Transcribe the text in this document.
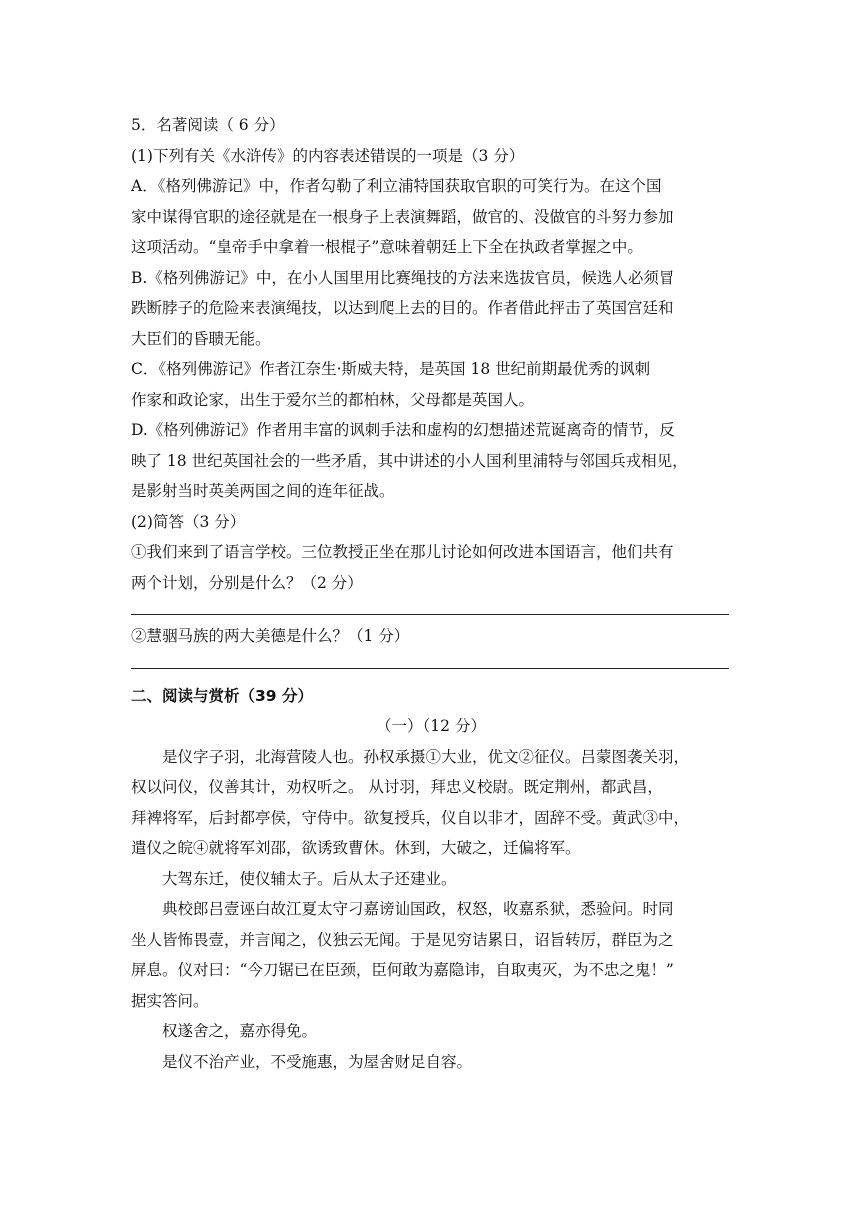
5．名著阅读（ 6 分）
(1)下列有关《水浒传》的内容表述错误的一项是（3 分）
A．《格列佛游记》中，作者勾勒了利立浦特国获取官职的可笑行为。在这个国
家中谋得官职的途径就是在一根身子上表演舞蹈，做官的、没做官的斗努力参加
这项活动。“皇帝手中拿着一根棍子”意味着朝廷上下全在执政者掌握之中。
B.《格列佛游记》中，在小人国里用比赛绳技的方法来选拔官员，候选人必须冒
跌断脖子的危险来表演绳技，以达到爬上去的目的。作者借此抨击了英国宫廷和
大臣们的昏聩无能。
C．《格列佛游记》作者江奈生·斯威夫特，是英国 18 世纪前期最优秀的讽刺
作家和政论家，出生于爱尔兰的都柏林，父母都是英国人。
D.《格列佛游记》作者用丰富的讽刺手法和虚构的幻想描述荒诞离奇的情节，反
映了 18 世纪英国社会的一些矛盾，其中讲述的小人国利里浦特与邻国兵戎相见，
是影射当时英美两国之间的连年征战。
(2)简答（3 分）
①我们来到了语言学校。三位教授正坐在那儿讨论如何改进本国语言，他们共有
两个计划，分别是什么？（2 分）
②慧骃马族的两大美德是什么？（1 分）
二、阅读与赏析（39 分）
（一）（12 分）
是仪字子羽，北海营陵人也。孙权承摄①大业，优文②征仪。吕蒙图袭关羽，
权以问仪，仪善其计，劝权听之。 从讨羽，拜忠义校尉。既定荆州，都武昌，
拜裨将军，后封都亭侯，守侍中。欲复授兵，仪自以非才，固辞不受。黄武③中，
遣仪之皖④就将军刘邵，欲诱致曹休。休到，大破之，迁偏将军。
大驾东迁，使仪辅太子。后从太子还建业。
典校郎吕壹诬白故江夏太守刁嘉谤讪国政，权怒，收嘉系狱，悉验问。时同
坐人皆怖畏壹，并言闻之，仪独云无闻。于是见穷诘累日，诏旨转厉，群臣为之
屏息。仪对曰：“今刀锯已在臣颈，臣何敢为嘉隐讳，自取夷灭，为不忠之鬼！”
据实答问。
权遂舍之，嘉亦得免。
是仪不治产业，不受施惠，为屋舍财足自容。
